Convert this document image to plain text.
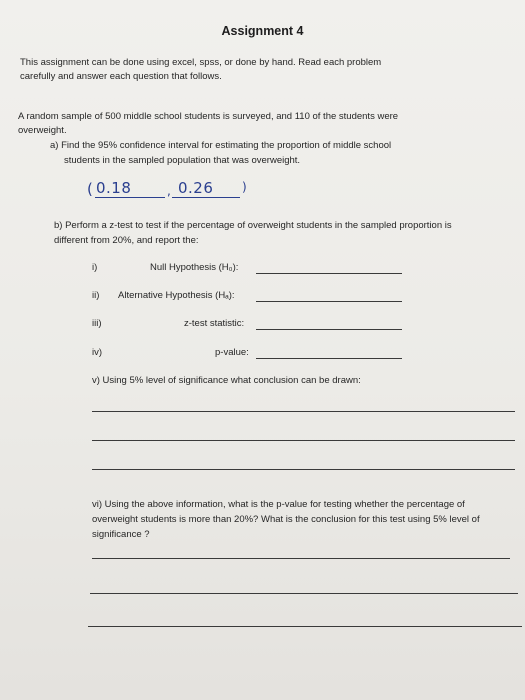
Assignment 4
This assignment can be done using excel, spss, or done by hand. Read each problem
carefully and answer each question that follows.
A random sample of 500 middle school students is surveyed, and 110 of the students were
overweight.
a) Find the 95% confidence interval for estimating the proportion of middle school
students in the sampled population that was overweight.
( 0.18	, 0.26 )
b) Perform a z-test to test if the percentage of overweight students in the sampled proportion is
different from 20%, and report the:
i)	Null Hypothesis (H₀):
ii) Alternative Hypothesis (Hₐ):
iii)	z-test statistic:
iv)	p-value:
v) Using 5% level of significance what conclusion can be drawn:
vi) Using the above information, what is the p-value for testing whether the percentage of
overweight students is more than 20%? What is the conclusion for this test using 5% level of
significance ?
